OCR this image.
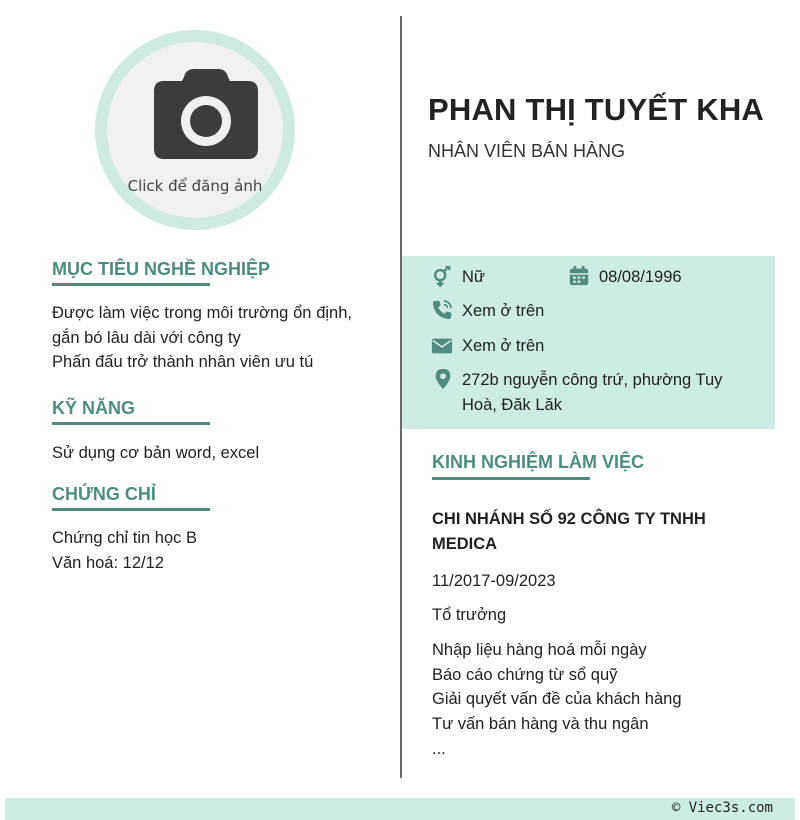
Click để đăng ảnh
MỤC TIÊU NGHỀ NGHIỆP
Được làm việc trong môi trường ổn định, gắn bó lâu dài với công ty
Phấn đấu trở thành nhân viên ưu tú
KỸ NĂNG
Sử dụng cơ bản word, excel
CHỨNG CHỈ
Chứng chỉ tin học B
Văn hoá: 12/12
PHAN THỊ TUYẾT KHA
NHÂN VIÊN BÁN HÀNG
Nữ	08/08/1996
Xem ở trên
Xem ở trên
272b nguyễn công trứ, phường Tuy Hoà, Đăk Lăk
KINH NGHIỆM LÀM VIỆC
CHI NHÁNH SỐ 92 CÔNG TY TNHH MEDICA
11/2017-09/2023
Tổ trưởng
Nhập liệu hàng hoá mỗi ngày
Báo cáo chứng từ sổ quỹ
Giải quyết vấn đề của khách hàng
Tư vấn bán hàng và thu ngân
...
© Viec3s.com
